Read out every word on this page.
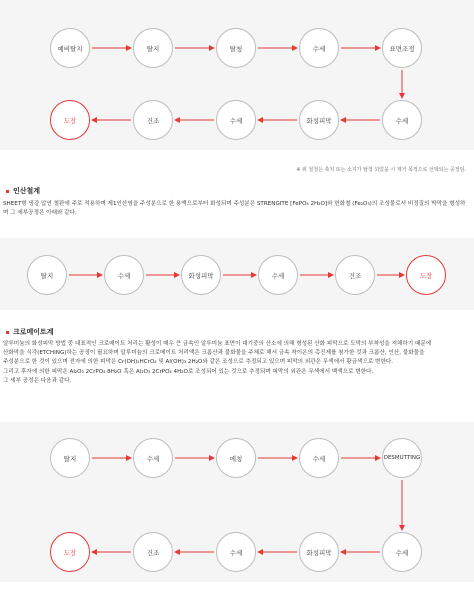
예비탈지	탈지	탈청	수세	표면조정
도장	건조	수세	화성피막	수세
※ 위 철청은 축처 또는 소지가 탈청 되었을 시 제거 목적으로 선택되는 공정임.
인산철계

SHEET형 냉강 압연 철판에 주로 적용하며 제1인산염을 주성분으로 한 용액으로부터 화성되며 주성분은 STRENGITE [FePO₄ 2H₂O]와 헌화철 (Fe₂O₃)의 조성물로서 비정질의 박막을 형성하며 그 세부공정은 아래와 같다.

탈지	수세	화성피막	수세	건조	도장
크로메이트계

알루미늄의 화성피막 방법 중 대표적인 크로메이트 처리는 활성이 매우 큰 금속인 알루미늄 표면이 대기중의 산소에 의해 형성된 산화 피막으로 도막의 부착성을 저해하기 때문에

산화막을 식각(ETCHING)하는 공정이 필요하며 알루미늄의 크로메이트 처리액은 크롬산과 불화물을 주체로 해서 금속 착이온의 촉진제를 첨가한 것과 크롬산, 인산, 불화물을

주성분으로 한 것이 있으며 전자에 의한 피막은 Cr(OH)₂HCrO₄ 및 Al(OH)₃ 2H₂O와 같은 조성으로 추정되고 있으며 피막의 외관은 무색에서 황금색으로 변한다.

그리고 후자에 의한 피막은 Al₂O₃ 2CrPO₄ 8H₂O 혹은 Al₂O₃ 2CrPO₄ 4H₂O로 조성되어 있는 것으로 추정되며 피막의 외관은 무색에서 백색으로 변한다.

그 세부 공정은 다음과 같다.

탈지	수세	에칭	수세	DESMUTTING
도장	건조	수세	화성피막	수세
